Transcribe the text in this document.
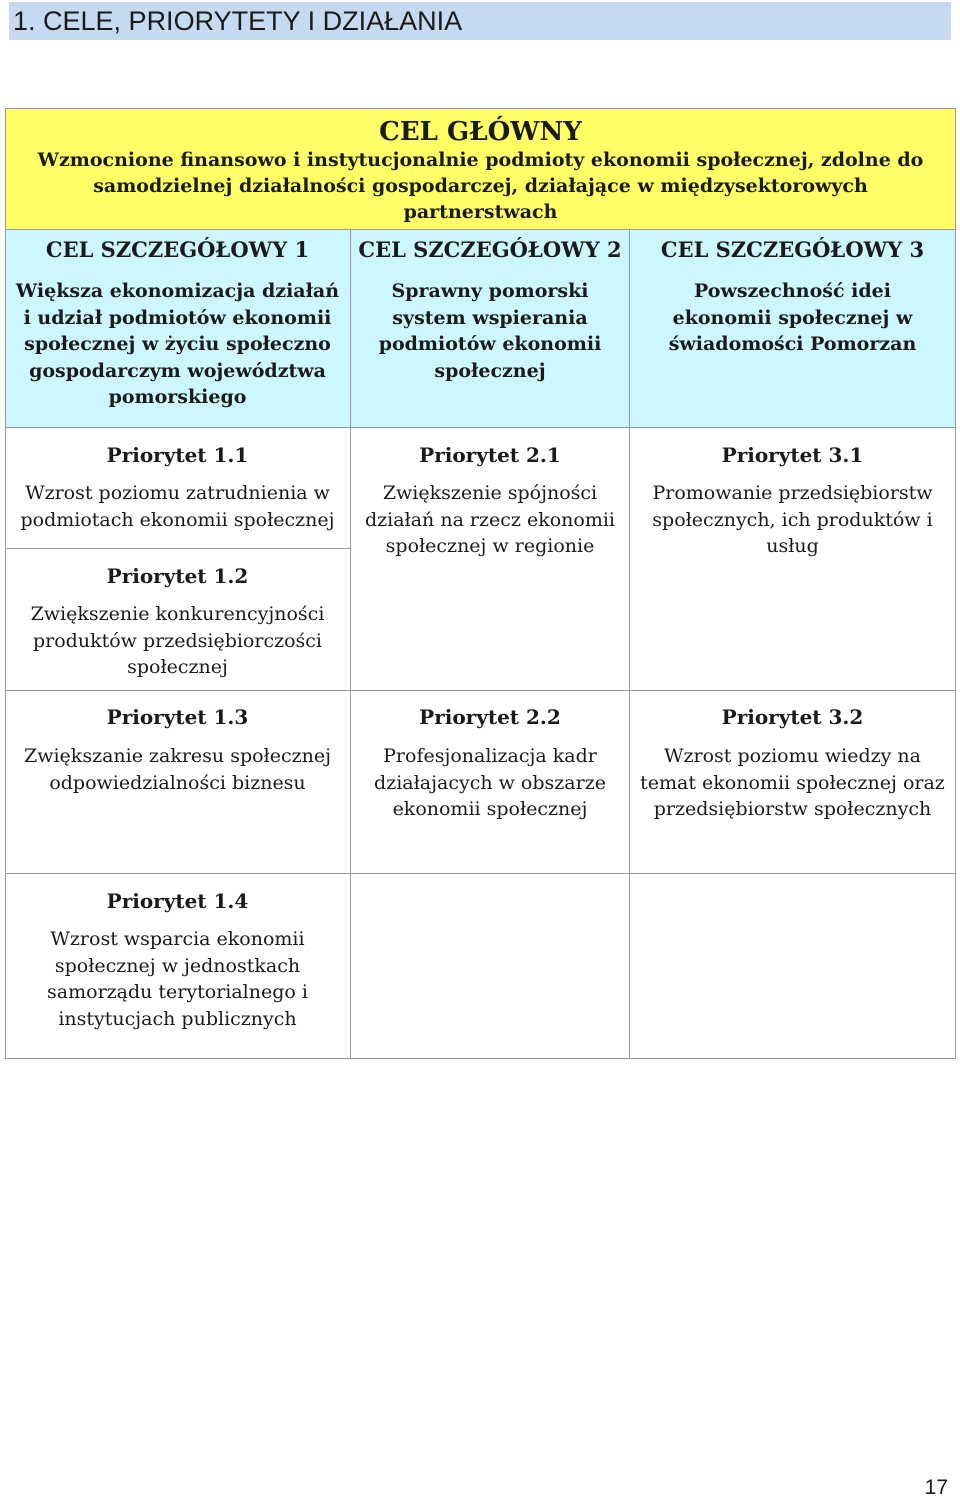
1. CELE, PRIORYTETY I DZIAŁANIA
CEL GŁÓWNY
Wzmocnione finansowo i instytucjonalnie podmioty ekonomii społecznej, zdolne do samodzielnej działalności gospodarczej, działające w międzysektorowych partnerstwach
CEL SZCZEGÓŁOWY 1
Większa ekonomizacja działań i udział podmiotów ekonomii społecznej w życiu społeczno gospodarczym województwa pomorskiego
CEL SZCZEGÓŁOWY 2
Sprawny pomorski system wspierania podmiotów ekonomii społecznej
CEL SZCZEGÓŁOWY 3
Powszechność idei ekonomii społecznej w świadomości Pomorzan
Priorytet 1.1
Wzrost poziomu zatrudnienia w podmiotach ekonomii społecznej
Priorytet 1.2
Zwiększenie konkurencyjności produktów przedsiębiorczości społecznej
Priorytet 1.3
Zwiększanie zakresu społecznej odpowiedzialności biznesu
Priorytet 1.4
Wzrost wsparcia ekonomii społecznej w jednostkach samorządu terytorialnego i instytucjach publicznych
Priorytet 2.1
Zwiększenie spójności działań na rzecz ekonomii społecznej w regionie
Priorytet 2.2
Profesjonalizacja kadr działajacych w obszarze ekonomii społecznej
Priorytet 3.1
Promowanie przedsiębiorstw społecznych, ich produktów i usług
Priorytet 3.2
Wzrost poziomu wiedzy na temat ekonomii społecznej oraz przedsiębiorstw społecznych
17
